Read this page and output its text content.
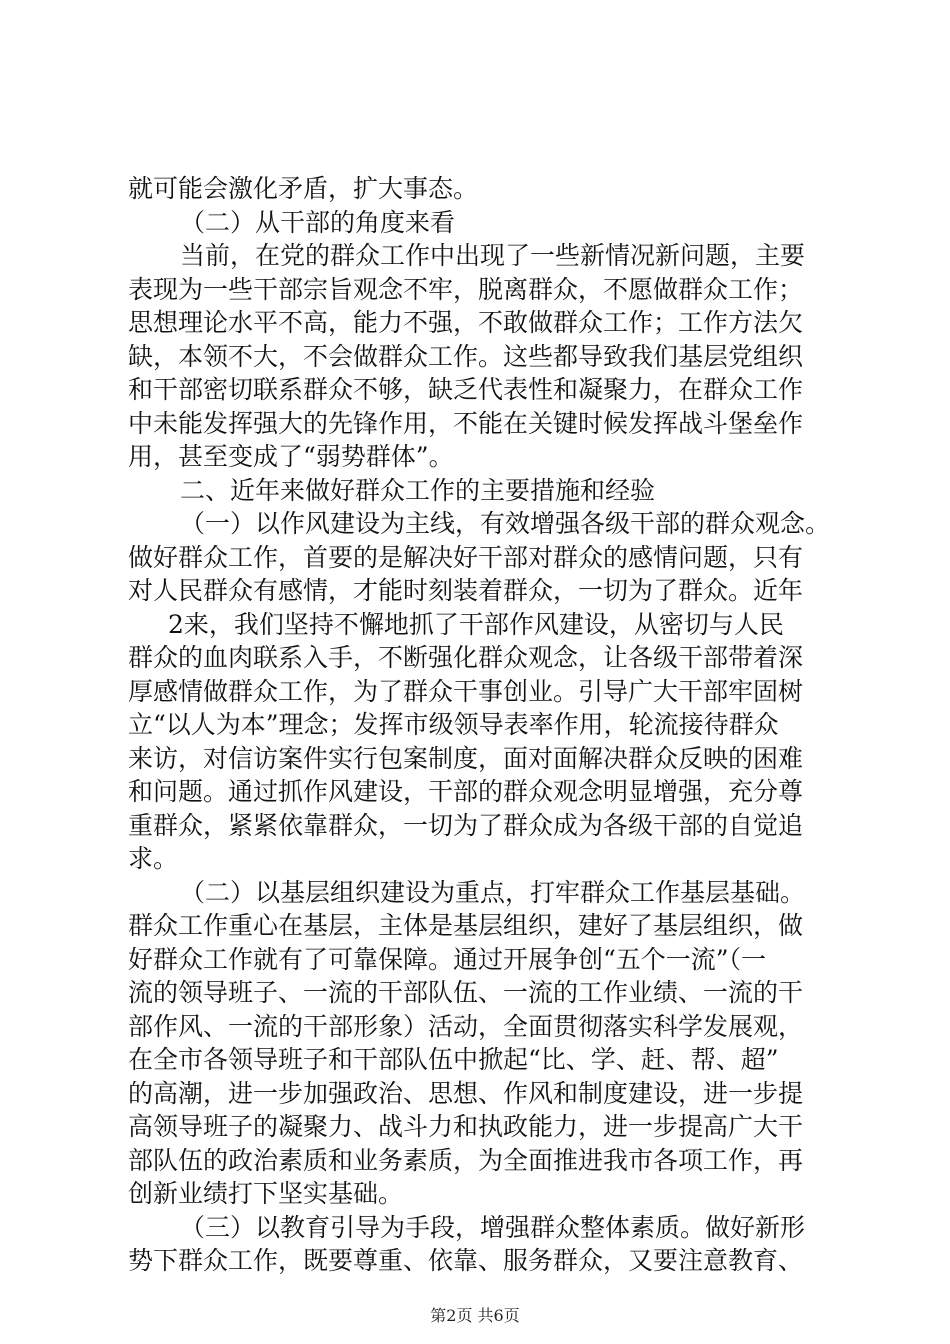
就可能会激化矛盾，扩大事态。
（二）从干部的角度来看
当前，在党的群众工作中出现了一些新情况新问题，主要
表现为一些干部宗旨观念不牢，脱离群众，不愿做群众工作；
思想理论水平不高，能力不强，不敢做群众工作；工作方法欠
缺，本领不大，不会做群众工作。这些都导致我们基层党组织
和干部密切联系群众不够，缺乏代表性和凝聚力，在群众工作
中未能发挥强大的先锋作用，不能在关键时候发挥战斗堡垒作
用，甚至变成了“弱势群体”。
二、近年来做好群众工作的主要措施和经验
（一）以作风建设为主线，有效增强各级干部的群众观念。
做好群众工作，首要的是解决好干部对群众的感情问题，只有
对人民群众有感情，才能时刻装着群众，一切为了群众。近年
2来，我们坚持不懈地抓了干部作风建设，从密切与人民
群众的血肉联系入手，不断强化群众观念，让各级干部带着深
厚感情做群众工作，为了群众干事创业。引导广大干部牢固树
立“以人为本”理念；发挥市级领导表率作用，轮流接待群众
来访，对信访案件实行包案制度，面对面解决群众反映的困难
和问题。通过抓作风建设，干部的群众观念明显增强，充分尊
重群众，紧紧依靠群众，一切为了群众成为各级干部的自觉追
求。
（二）以基层组织建设为重点，打牢群众工作基层基础。
群众工作重心在基层，主体是基层组织，建好了基层组织，做
好群众工作就有了可靠保障。通过开展争创“五个一流”（一
流的领导班子、一流的干部队伍、一流的工作业绩、一流的干
部作风、一流的干部形象）活动，全面贯彻落实科学发展观，
在全市各领导班子和干部队伍中掀起“比、学、赶、帮、超”
的高潮，进一步加强政治、思想、作风和制度建设，进一步提
高领导班子的凝聚力、战斗力和执政能力，进一步提高广大干
部队伍的政治素质和业务素质，为全面推进我市各项工作，再
创新业绩打下坚实基础。
（三）以教育引导为手段，增强群众整体素质。做好新形
势下群众工作，既要尊重、依靠、服务群众，又要注意教育、
第2页 共6页
